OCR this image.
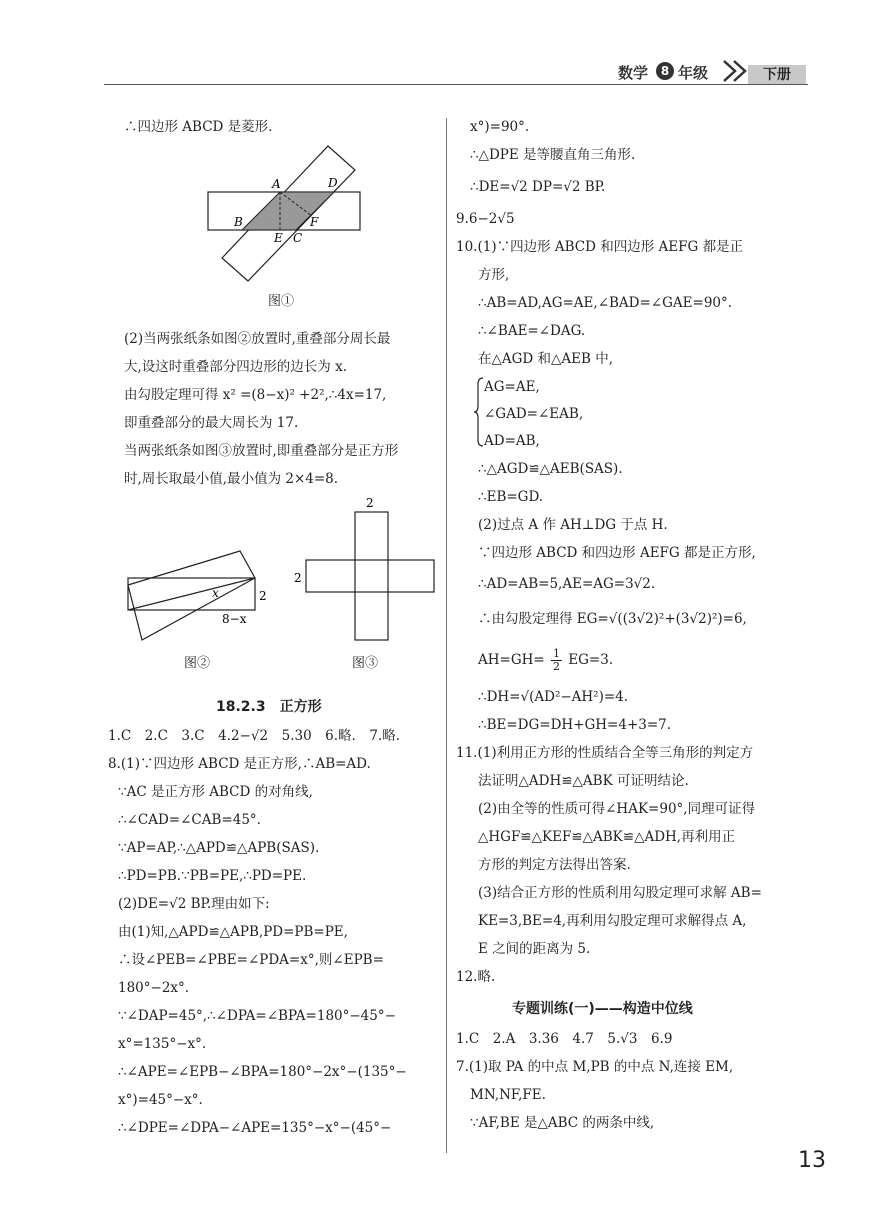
数学	8 年级	下册
∴四边形 ABCD 是菱形.
A	D
B	F
E C
图①
(2)当两张纸条如图②放置时,重叠部分周长最
大,设这时重叠部分四边形的边长为 x.
由勾股定理可得 x² =(8−x)² +2²,∴4x=17,
即重叠部分的最大周长为 17.
当两张纸条如图③放置时,即重叠部分是正方形
时,周长取最小值,最小值为 2×4=8.
x	2
8−x
图②
2
2
图③
18.2.3　正方形
1.C　2.C　3.C　4.2−√2　5.30　6.略.　7.略.
8.(1)∵四边形 ABCD 是正方形,∴AB=AD.
∵AC 是正方形 ABCD 的对角线,
∴∠CAD=∠CAB=45°.
∵AP=AP,∴△APD≌△APB(SAS).
∴PD=PB.∵PB=PE,∴PD=PE.
(2)DE=√2 BP.理由如下:
由(1)知,△APD≌△APB,PD=PB=PE,
∴设∠PEB=∠PBE=∠PDA=x°,则∠EPB=
180°−2x°.
∵∠DAP=45°,∴∠DPA=∠BPA=180°−45°−
x°=135°−x°.
∴∠APE=∠EPB−∠BPA=180°−2x°−(135°−
x°)=45°−x°.
∴∠DPE=∠DPA−∠APE=135°−x°−(45°−
x°)=90°.
∴△DPE 是等腰直角三角形.
∴DE=√2 DP=√2 BP.
9.6−2√5
10.(1)∵四边形 ABCD 和四边形 AEFG 都是正
方形,
∴AB=AD,AG=AE,∠BAD=∠GAE=90°.
∴∠BAE=∠DAG.
在△AGD 和△AEB 中,
AG=AE,
∠GAD=∠EAB,
AD=AB,
∴△AGD≌△AEB(SAS).
∴EB=GD.
(2)过点 A 作 AH⊥DG 于点 H.
∵四边形 ABCD 和四边形 AEFG 都是正方形,
∴AD=AB=5,AE=AG=3√2.
∴由勾股定理得 EG=√((3√2)²+(3√2)²)=6,
$AH=GH= \frac{1}{2} EG=3$.
∴DH=√(AD²−AH²)=4.
∴BE=DG=DH+GH=4+3=7.
11.(1)利用正方形的性质结合全等三角形的判定方
法证明△ADH≌△ABK 可证明结论.
(2)由全等的性质可得∠HAK=90°,同理可证得
△HGF≌△KEF≌△ABK≌△ADH,再利用正
方形的判定方法得出答案.
(3)结合正方形的性质利用勾股定理可求解 AB=
KE=3,BE=4,再利用勾股定理可求解得点 A,
E 之间的距离为 5.
12.略.
专题训练(一)——构造中位线
1.C　2.A　3.36　4.7　5.√3　6.9
7.(1)取 PA 的中点 M,PB 的中点 N,连接 EM,
MN,NF,FE.
∵AF,BE 是△ABC 的两条中线,
13
